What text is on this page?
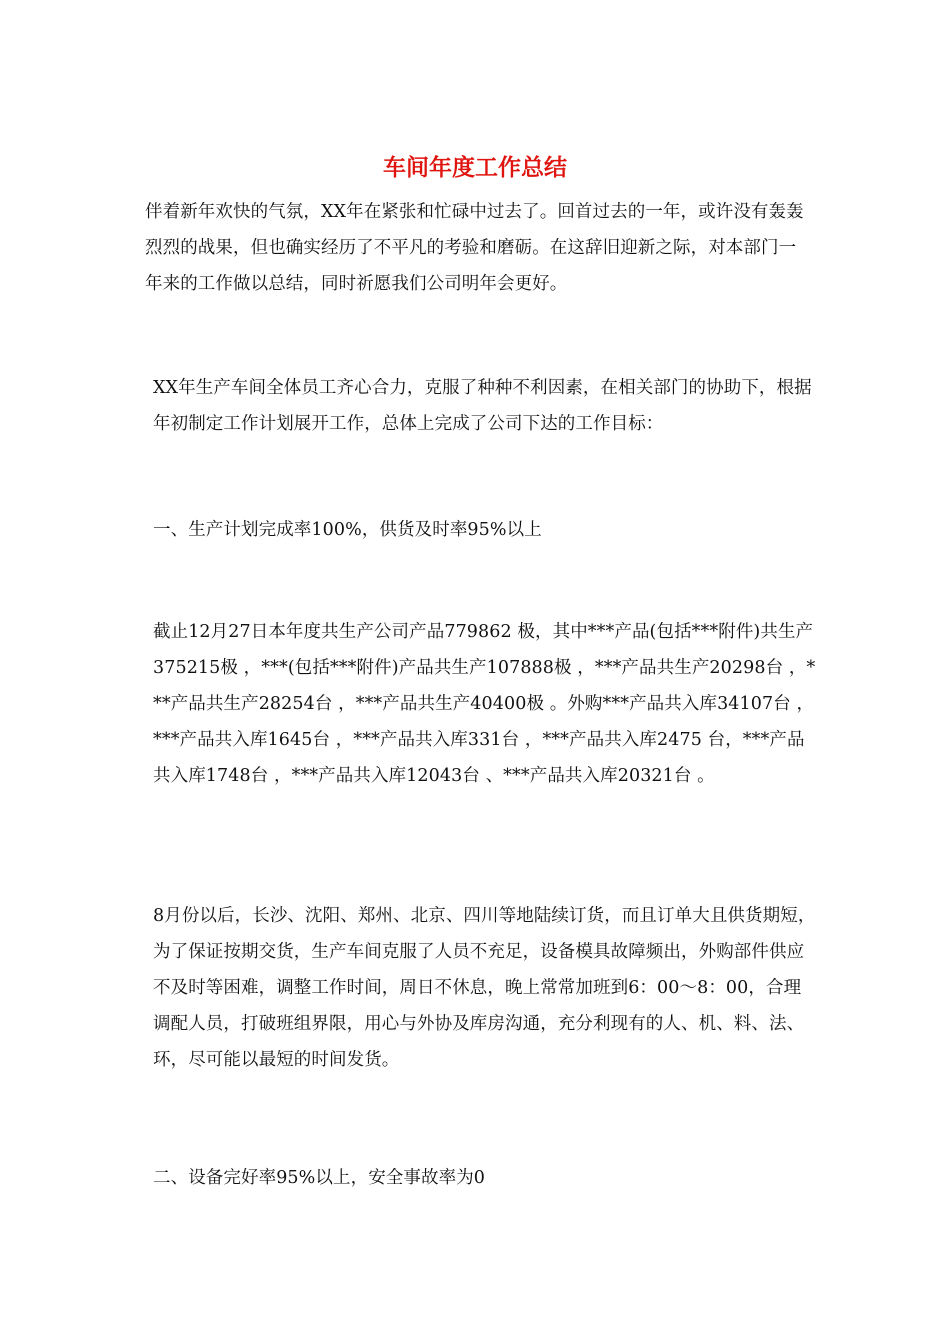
车间年度工作总结

伴着新年欢快的气氛，XX年在紧张和忙碌中过去了。回首过去的一年，或许没有轰轰烈烈的战果，但也确实经历了不平凡的考验和磨砺。在这辞旧迎新之际，对本部门一年来的工作做以总结，同时祈愿我们公司明年会更好。

XX年生产车间全体员工齐心合力，克服了种种不利因素，在相关部门的协助下，根据年初制定工作计划展开工作，总体上完成了公司下达的工作目标：

一、生产计划完成率100%，供货及时率95%以上

截止12月27日本年度共生产公司产品779862 极，其中***产品(包括***附件)共生产375215极 ，***(包括***附件)产品共生产107888极 ，***产品共生产20298台 ，***产品共生产28254台 ，***产品共生产40400极 。外购***产品共入库34107台 ，***产品共入库1645台 ，***产品共入库331台 ，***产品共入库2475 台，***产品共入库1748台 ，***产品共入库12043台 、***产品共入库20321台 。

8月份以后，长沙、沈阳、郑州、北京、四川等地陆续订货，而且订单大且供货期短，为了保证按期交货，生产车间克服了人员不充足，设备模具故障频出，外购部件供应不及时等困难，调整工作时间，周日不休息，晚上常常加班到6：00～8：00，合理调配人员，打破班组界限，用心与外协及库房沟通，充分利现有的人、机、料、法、环，尽可能以最短的时间发货。

二、设备完好率95%以上，安全事故率为0
